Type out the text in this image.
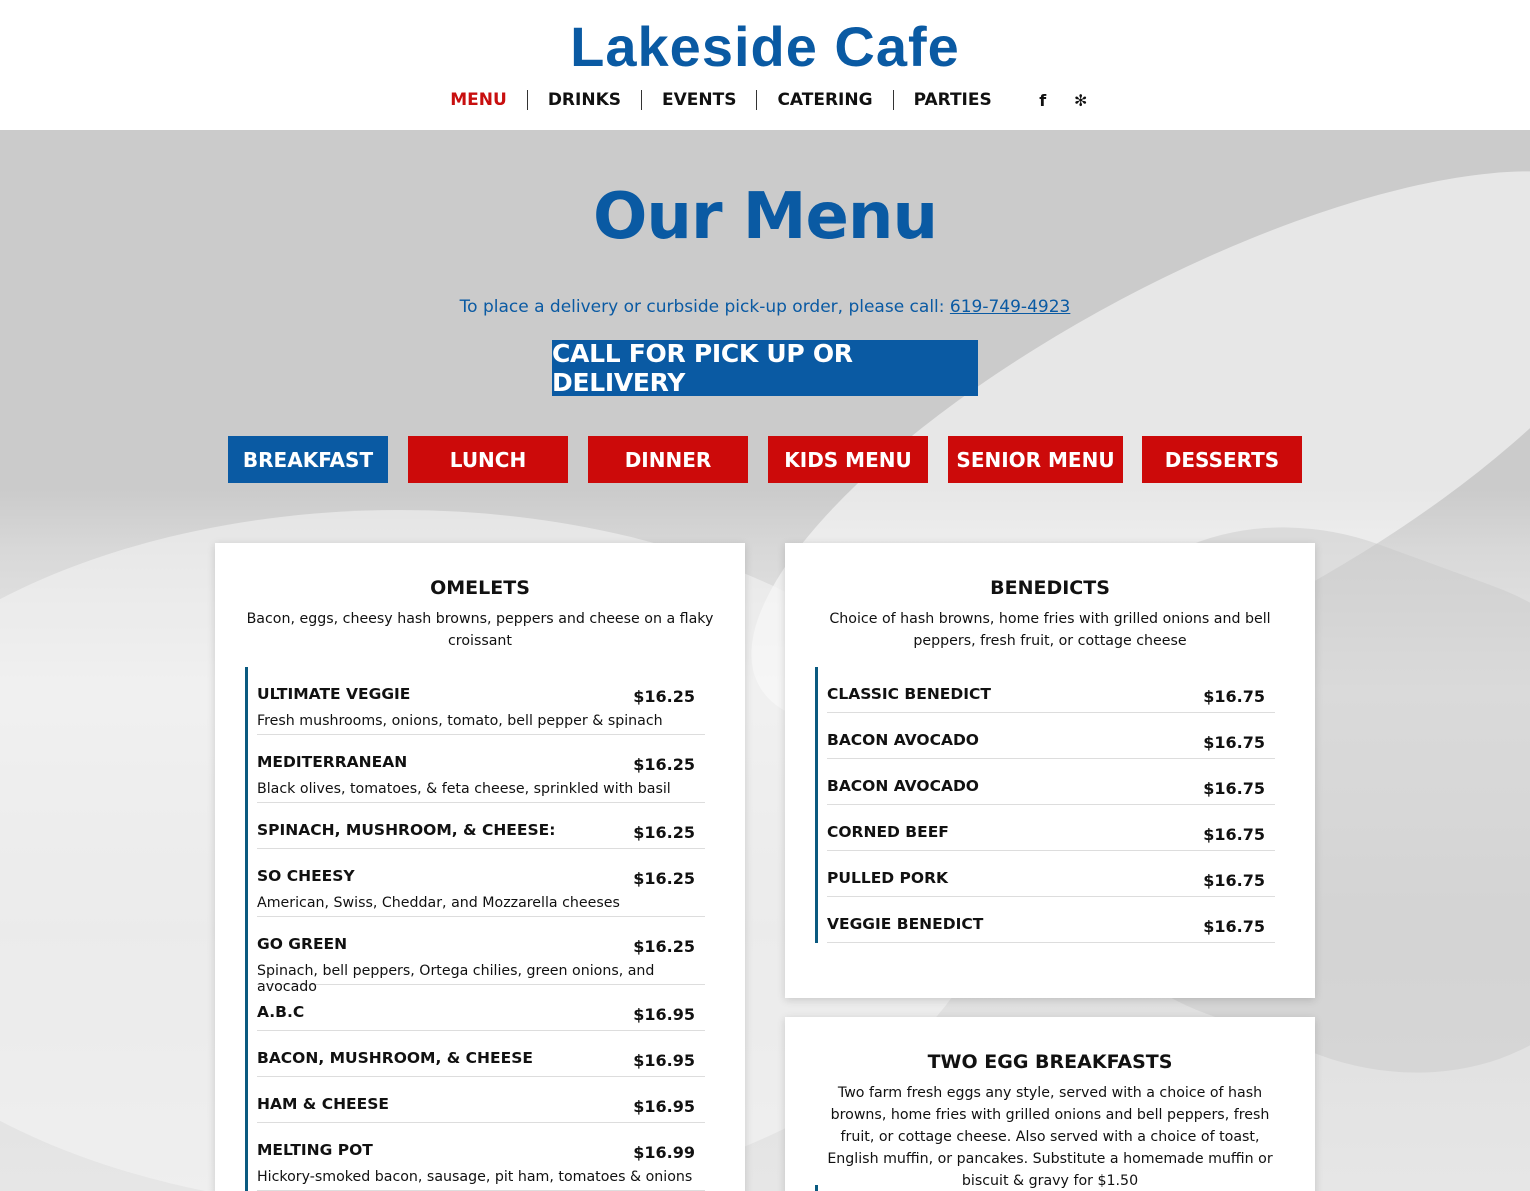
Lakeside Cafe
MENU	DRINKS	EVENTS	CATERING	PARTIES	f	✻
Our Menu
To place a delivery or curbside pick-up order, please call: 619-749-4923
CALL FOR PICK UP OR DELIVERY
BREAKFAST	LUNCH	DINNER	KIDS MENU	SENIOR MENU	DESSERTS
OMELETS
Bacon, eggs, cheesy hash browns, peppers and cheese on a flaky croissant
ULTIMATE VEGGIE	$16.25
Fresh mushrooms, onions, tomato, bell pepper & spinach
MEDITERRANEAN	$16.25
Black olives, tomatoes, & feta cheese, sprinkled with basil
SPINACH, MUSHROOM, & CHEESE:	$16.25
SO CHEESY	$16.25
American, Swiss, Cheddar, and Mozzarella cheeses
GO GREEN	$16.25
Spinach, bell peppers, Ortega chilies, green onions, and avocado
A.B.C	$16.95
BACON, MUSHROOM, & CHEESE	$16.95
HAM & CHEESE	$16.95
MELTING POT	$16.99
Hickory-smoked bacon, sausage, pit ham, tomatoes & onions
BENEDICTS
Choice of hash browns, home fries with grilled onions and bell peppers, fresh fruit, or cottage cheese
CLASSIC BENEDICT	$16.75
BACON AVOCADO	$16.75
BACON AVOCADO	$16.75
CORNED BEEF	$16.75
PULLED PORK	$16.75
VEGGIE BENEDICT	$16.75
TWO EGG BREAKFASTS
Two farm fresh eggs any style, served with a choice of hash browns, home fries with grilled onions and bell peppers, fresh fruit, or cottage cheese. Also served with a choice of toast, English muffin, or pancakes. Substitute a homemade muffin or biscuit & gravy for $1.50
